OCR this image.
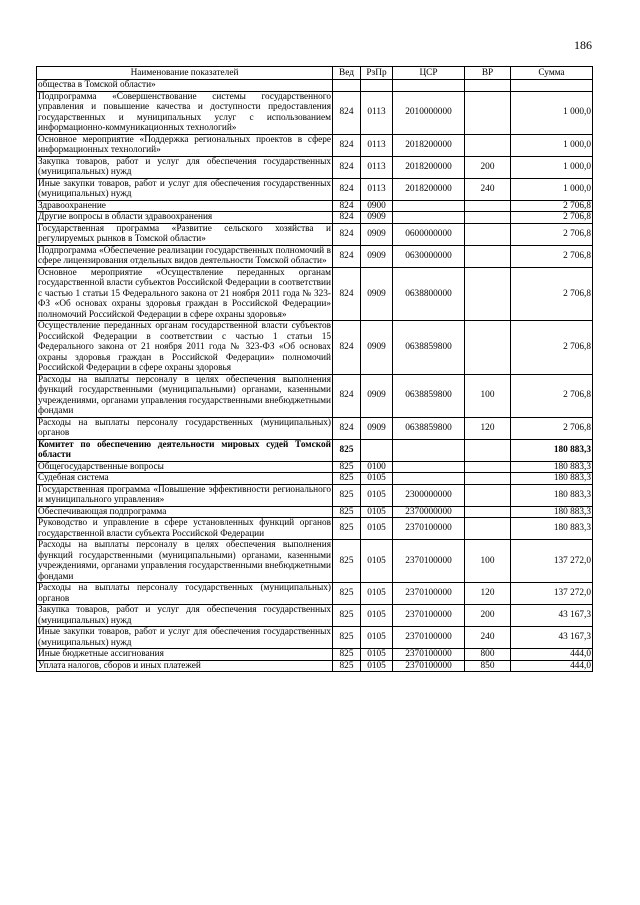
186
Наименование показателей	Вед	РзПр	ЦСР	ВР	Сумма
общества в Томской области»					
Подпрограмма «Совершенствование системы государственного управления и повышение качества и доступности предоставления государственных и муниципальных услуг с использованием информационно-коммуникационных технологий»	824	0113	2010000000		1 000,0
Основное мероприятие «Поддержка региональных проектов в сфере информационных технологий»	824	0113	2018200000		1 000,0
Закупка товаров, работ и услуг для обеспечения государственных (муниципальных) нужд	824	0113	2018200000	200	1 000,0
Иные закупки товаров, работ и услуг для обеспечения государственных (муниципальных) нужд	824	0113	2018200000	240	1 000,0
Здравоохранение	824	0900			2 706,8
Другие вопросы в области здравоохранения	824	0909			2 706,8
Государственная программа «Развитие сельского хозяйства и регулируемых рынков в Томской области»	824	0909	0600000000		2 706,8
Подпрограмма «Обеспечение реализации государственных полномочий в сфере лицензирования отдельных видов деятельности Томской области»	824	0909	0630000000		2 706,8
Основное мероприятие «Осуществление переданных органам государственной власти субъектов Российской Федерации в соответствии с частью 1 статьи 15 Федерального закона от 21 ноября 2011 года № 323-ФЗ «Об основах охраны здоровья граждан в Российской Федерации» полномочий Российской Федерации в сфере охраны здоровья»	824	0909	0638800000		2 706,8
Осуществление переданных органам государственной власти субъектов Российской Федерации в соответствии с частью 1 статьи 15 Федерального закона от 21 ноября 2011 года № 323-ФЗ «Об основах охраны здоровья граждан в Российской Федерации» полномочий Российской Федерации в сфере охраны здоровья	824	0909	0638859800		2 706,8
Расходы на выплаты персоналу в целях обеспечения выполнения функций государственными (муниципальными) органами, казенными учреждениями, органами управления государственными внебюджетными фондами	824	0909	0638859800	100	2 706,8
Расходы на выплаты персоналу государственных (муниципальных) органов	824	0909	0638859800	120	2 706,8
Комитет по обеспечению деятельности мировых судей Томской области	825				180 883,3
Общегосударственные вопросы	825	0100			180 883,3
Судебная система	825	0105			180 883,3
Государственная программа «Повышение эффективности регионального и муниципального управления»	825	0105	2300000000		180 883,3
Обеспечивающая подпрограмма	825	0105	2370000000		180 883,3
Руководство и управление в сфере установленных функций органов государственной власти субъекта Российской Федерации	825	0105	2370100000		180 883,3
Расходы на выплаты персоналу в целях обеспечения выполнения функций государственными (муниципальными) органами, казенными учреждениями, органами управления государственными внебюджетными фондами	825	0105	2370100000	100	137 272,0
Расходы на выплаты персоналу государственных (муниципальных) органов	825	0105	2370100000	120	137 272,0
Закупка товаров, работ и услуг для обеспечения государственных (муниципальных) нужд	825	0105	2370100000	200	43 167,3
Иные закупки товаров, работ и услуг для обеспечения государственных (муниципальных) нужд	825	0105	2370100000	240	43 167,3
Иные бюджетные ассигнования	825	0105	2370100000	800	444,0
Уплата налогов, сборов и иных платежей	825	0105	2370100000	850	444,0
